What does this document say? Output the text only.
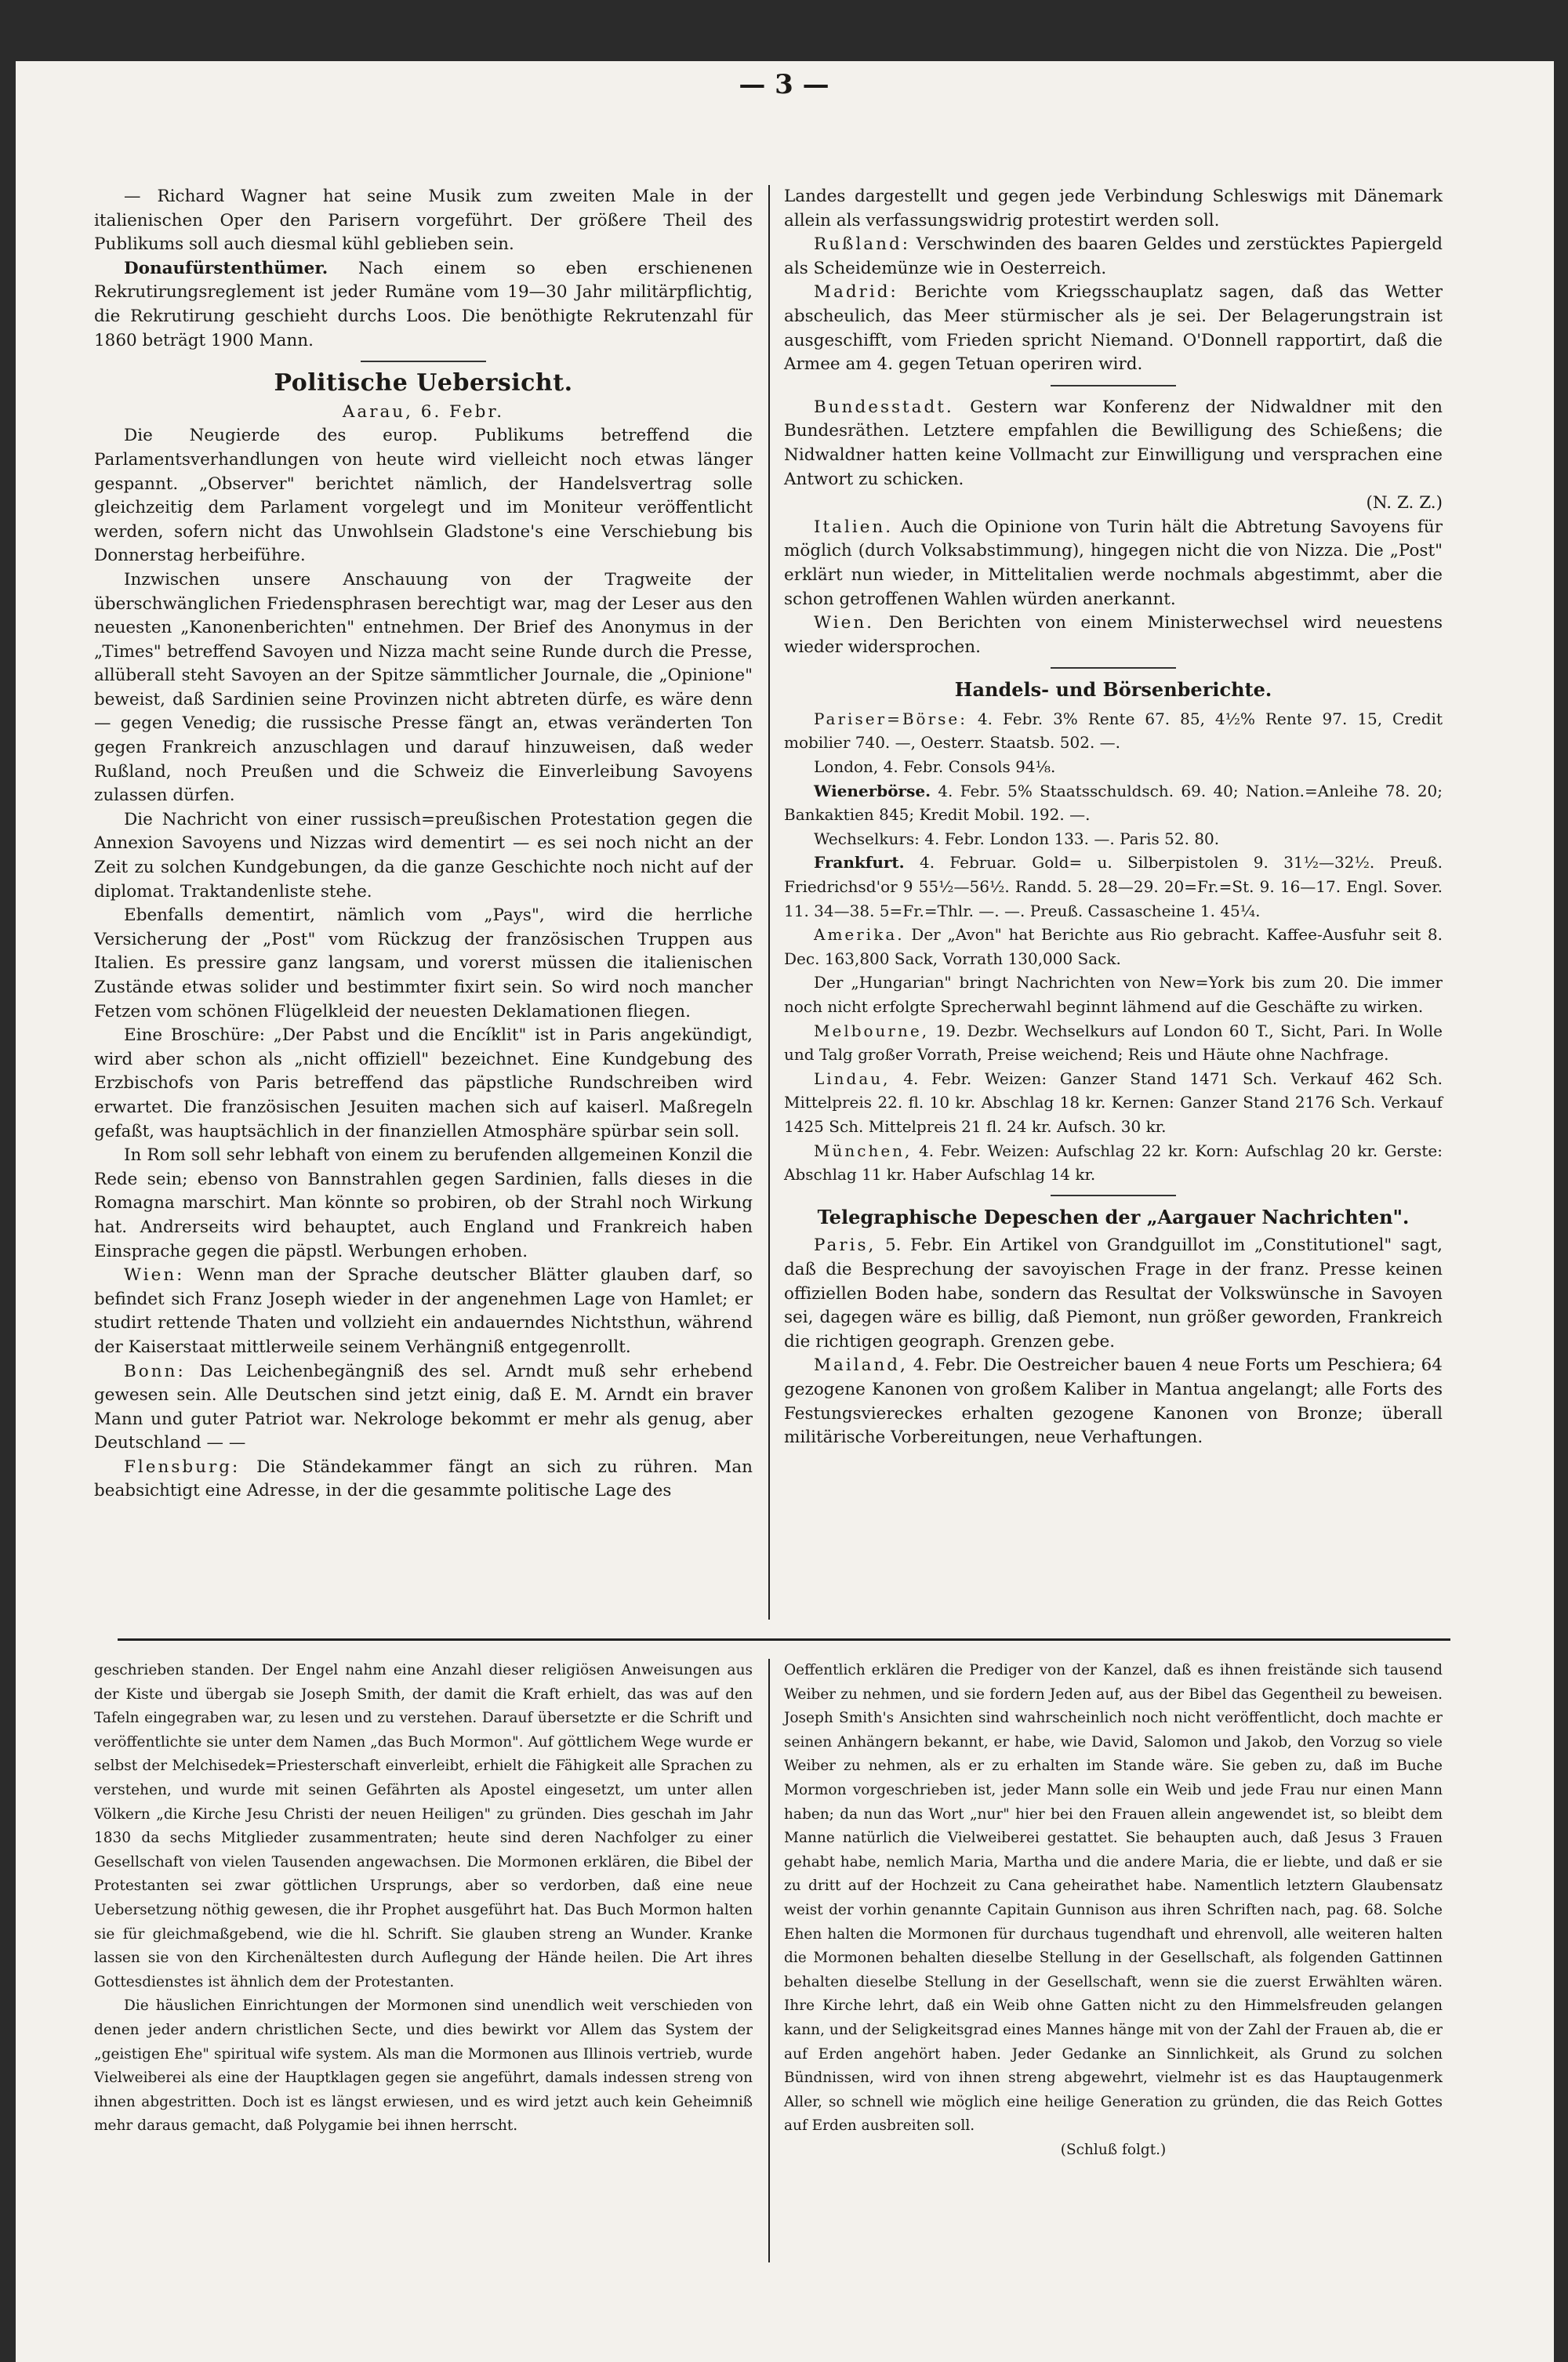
— 3 —

— Richard Wagner hat seine Musik zum zweiten Male in der italienischen Oper den Parisern vorgeführt. Der größere Theil des Publikums soll auch diesmal kühl geblieben sein.

Donaufürstenthümer. Nach einem so eben erschienenen Rekrutirungsreglement ist jeder Rumäne vom 19—30 Jahr militärpflichtig, die Rekrutirung geschieht durchs Loos. Die benöthigte Rekrutenzahl für 1860 beträgt 1900 Mann.

Politische Uebersicht.

Aarau, 6. Febr.

Die Neugierde des europ. Publikums betreffend die Parlamentsverhandlungen von heute wird vielleicht noch etwas länger gespannt. „Observer" berichtet nämlich, der Handelsvertrag solle gleichzeitig dem Parlament vorgelegt und im Moniteur veröffentlicht werden, sofern nicht das Unwohlsein Gladstone's eine Verschiebung bis Donnerstag herbeiführe.

Inzwischen unsere Anschauung von der Tragweite der überschwänglichen Friedensphrasen berechtigt war, mag der Leser aus den neuesten „Kanonenberichten" entnehmen. Der Brief des Anonymus in der „Times" betreffend Savoyen und Nizza macht seine Runde durch die Presse, allüberall steht Savoyen an der Spitze sämmtlicher Journale, die „Opinione" beweist, daß Sardinien seine Provinzen nicht abtreten dürfe, es wäre denn — gegen Venedig; die russische Presse fängt an, etwas veränderten Ton gegen Frankreich anzuschlagen und darauf hinzuweisen, daß weder Rußland, noch Preußen und die Schweiz die Einverleibung Savoyens zulassen dürfen.

Die Nachricht von einer russisch=preußischen Protestation gegen die Annexion Savoyens und Nizzas wird dementirt — es sei noch nicht an der Zeit zu solchen Kundgebungen, da die ganze Geschichte noch nicht auf der diplomat. Traktandenliste stehe.

Ebenfalls dementirt, nämlich vom „Pays", wird die herrliche Versicherung der „Post" vom Rückzug der französischen Truppen aus Italien. Es pressire ganz langsam, und vorerst müssen die italienischen Zustände etwas solider und bestimmter fixirt sein. So wird noch mancher Fetzen vom schönen Flügelkleid der neuesten Deklamationen fliegen.

Eine Broschüre: „Der Pabst und die Encíklit" ist in Paris angekündigt, wird aber schon als „nicht offiziell" bezeichnet. Eine Kundgebung des Erzbischofs von Paris betreffend das päpstliche Rundschreiben wird erwartet. Die französischen Jesuiten machen sich auf kaiserl. Maßregeln gefaßt, was hauptsächlich in der finanziellen Atmosphäre spürbar sein soll.

In Rom soll sehr lebhaft von einem zu berufenden allgemeinen Konzil die Rede sein; ebenso von Bannstrahlen gegen Sardinien, falls dieses in die Romagna marschirt. Man könnte so probiren, ob der Strahl noch Wirkung hat. Andrerseits wird behauptet, auch England und Frankreich haben Einsprache gegen die päpstl. Werbungen erhoben.

Wien: Wenn man der Sprache deutscher Blätter glauben darf, so befindet sich Franz Joseph wieder in der angenehmen Lage von Hamlet; er studirt rettende Thaten und vollzieht ein andauerndes Nichtsthun, während der Kaiserstaat mittlerweile seinem Verhängniß entgegenrollt.

Bonn: Das Leichenbegängniß des sel. Arndt muß sehr erhebend gewesen sein. Alle Deutschen sind jetzt einig, daß E. M. Arndt ein braver Mann und guter Patriot war. Nekrologe bekommt er mehr als genug, aber Deutschland — —

Flensburg: Die Ständekammer fängt an sich zu rühren. Man beabsichtigt eine Adresse, in der die gesammte politische Lage des

Landes dargestellt und gegen jede Verbindung Schleswigs mit Dänemark allein als verfassungswidrig protestirt werden soll.

Rußland: Verschwinden des baaren Geldes und zerstücktes Papiergeld als Scheidemünze wie in Oesterreich.

Madrid: Berichte vom Kriegsschauplatz sagen, daß das Wetter abscheulich, das Meer stürmischer als je sei. Der Belagerungstrain ist ausgeschifft, vom Frieden spricht Niemand. O'Donnell rapportirt, daß die Armee am 4. gegen Tetuan operiren wird.

Bundesstadt. Gestern war Konferenz der Nidwaldner mit den Bundesräthen. Letztere empfahlen die Bewilligung des Schießens; die Nidwaldner hatten keine Vollmacht zur Einwilligung und versprachen eine Antwort zu schicken.

(N. Z. Z.)

Italien. Auch die Opinione von Turin hält die Abtretung Savoyens für möglich (durch Volksabstimmung), hingegen nicht die von Nizza. Die „Post" erklärt nun wieder, in Mittelitalien werde nochmals abgestimmt, aber die schon getroffenen Wahlen würden anerkannt.

Wien. Den Berichten von einem Ministerwechsel wird neuestens wieder widersprochen.

Handels- und Börsenberichte.

Pariser=Börse: 4. Febr. 3% Rente 67. 85, 4½% Rente 97. 15, Credit mobilier 740. —, Oesterr. Staatsb. 502. —.

London, 4. Febr. Consols 94⅛.

Wienerbörse. 4. Febr. 5% Staatsschuldsch. 69. 40; Nation.=Anleihe 78. 20; Bankaktien 845; Kredit Mobil. 192. —.

Wechselkurs: 4. Febr. London 133. —. Paris 52. 80.

Frankfurt. 4. Februar. Gold= u. Silberpistolen 9. 31½—32½. Preuß. Friedrichsd'or 9 55½—56½. Randd. 5. 28—29. 20=Fr.=St. 9. 16—17. Engl. Sover. 11. 34—38. 5=Fr.=Thlr. —. —. Preuß. Cassascheine 1. 45¼.

Amerika. Der „Avon" hat Berichte aus Rio gebracht. Kaffee-Ausfuhr seit 8. Dec. 163,800 Sack, Vorrath 130,000 Sack.

Der „Hungarian" bringt Nachrichten von New=York bis zum 20. Die immer noch nicht erfolgte Sprecherwahl beginnt lähmend auf die Geschäfte zu wirken.

Melbourne, 19. Dezbr. Wechselkurs auf London 60 T., Sicht, Pari. In Wolle und Talg großer Vorrath, Preise weichend; Reis und Häute ohne Nachfrage.

Lindau, 4. Febr. Weizen: Ganzer Stand 1471 Sch. Verkauf 462 Sch. Mittelpreis 22. fl. 10 kr. Abschlag 18 kr. Kernen: Ganzer Stand 2176 Sch. Verkauf 1425 Sch. Mittelpreis 21 fl. 24 kr. Aufsch. 30 kr.

München, 4. Febr. Weizen: Aufschlag 22 kr. Korn: Aufschlag 20 kr. Gerste: Abschlag 11 kr. Haber Aufschlag 14 kr.

Telegraphische Depeschen der „Aargauer Nachrichten".

Paris, 5. Febr. Ein Artikel von Grandguillot im „Constitutionel" sagt, daß die Besprechung der savoyischen Frage in der franz. Presse keinen offiziellen Boden habe, sondern das Resultat der Volkswünsche in Savoyen sei, dagegen wäre es billig, daß Piemont, nun größer geworden, Frankreich die richtigen geograph. Grenzen gebe.

Mailand, 4. Febr. Die Oestreicher bauen 4 neue Forts um Peschiera; 64 gezogene Kanonen von großem Kaliber in Mantua angelangt; alle Forts des Festungsviereckes erhalten gezogene Kanonen von Bronze; überall militärische Vorbereitungen, neue Verhaftungen.

geschrieben standen. Der Engel nahm eine Anzahl dieser religiösen Anweisungen aus der Kiste und übergab sie Joseph Smith, der damit die Kraft erhielt, das was auf den Tafeln eingegraben war, zu lesen und zu verstehen. Darauf übersetzte er die Schrift und veröffentlichte sie unter dem Namen „das Buch Mormon". Auf göttlichem Wege wurde er selbst der Melchisedek=Priesterschaft einverleibt, erhielt die Fähigkeit alle Sprachen zu verstehen, und wurde mit seinen Gefährten als Apostel eingesetzt, um unter allen Völkern „die Kirche Jesu Christi der neuen Heiligen" zu gründen. Dies geschah im Jahr 1830 da sechs Mitglieder zusammentraten; heute sind deren Nachfolger zu einer Gesellschaft von vielen Tausenden angewachsen. Die Mormonen erklären, die Bibel der Protestanten sei zwar göttlichen Ursprungs, aber so verdorben, daß eine neue Uebersetzung nöthig gewesen, die ihr Prophet ausgeführt hat. Das Buch Mormon halten sie für gleichmaßgebend, wie die hl. Schrift. Sie glauben streng an Wunder. Kranke lassen sie von den Kirchenältesten durch Auflegung der Hände heilen. Die Art ihres Gottesdienstes ist ähnlich dem der Protestanten.

Die häuslichen Einrichtungen der Mormonen sind unendlich weit verschieden von denen jeder andern christlichen Secte, und dies bewirkt vor Allem das System der „geistigen Ehe" spiritual wife system. Als man die Mormonen aus Illinois vertrieb, wurde Vielweiberei als eine der Hauptklagen gegen sie angeführt, damals indessen streng von ihnen abgestritten. Doch ist es längst erwiesen, und es wird jetzt auch kein Geheimniß mehr daraus gemacht, daß Polygamie bei ihnen herrscht.

Oeffentlich erklären die Prediger von der Kanzel, daß es ihnen freistände sich tausend Weiber zu nehmen, und sie fordern Jeden auf, aus der Bibel das Gegentheil zu beweisen. Joseph Smith's Ansichten sind wahrscheinlich noch nicht veröffentlicht, doch machte er seinen Anhängern bekannt, er habe, wie David, Salomon und Jakob, den Vorzug so viele Weiber zu nehmen, als er zu erhalten im Stande wäre. Sie geben zu, daß im Buche Mormon vorgeschrieben ist, jeder Mann solle ein Weib und jede Frau nur einen Mann haben; da nun das Wort „nur" hier bei den Frauen allein angewendet ist, so bleibt dem Manne natürlich die Vielweiberei gestattet. Sie behaupten auch, daß Jesus 3 Frauen gehabt habe, nemlich Maria, Martha und die andere Maria, die er liebte, und daß er sie zu dritt auf der Hochzeit zu Cana geheirathet habe. Namentlich letztern Glaubensatz weist der vorhin genannte Capitain Gunnison aus ihren Schriften nach, pag. 68. Solche Ehen halten die Mormonen für durchaus tugendhaft und ehrenvoll, alle weiteren halten die Mormonen behalten dieselbe Stellung in der Gesellschaft, als folgenden Gattinnen behalten dieselbe Stellung in der Gesellschaft, wenn sie die zuerst Erwählten wären. Ihre Kirche lehrt, daß ein Weib ohne Gatten nicht zu den Himmelsfreuden gelangen kann, und der Seligkeitsgrad eines Mannes hänge mit von der Zahl der Frauen ab, die er auf Erden angehört haben. Jeder Gedanke an Sinnlichkeit, als Grund zu solchen Bündnissen, wird von ihnen streng abgewehrt, vielmehr ist es das Hauptaugenmerk Aller, so schnell wie möglich eine heilige Generation zu gründen, die das Reich Gottes auf Erden ausbreiten soll.

(Schluß folgt.)
